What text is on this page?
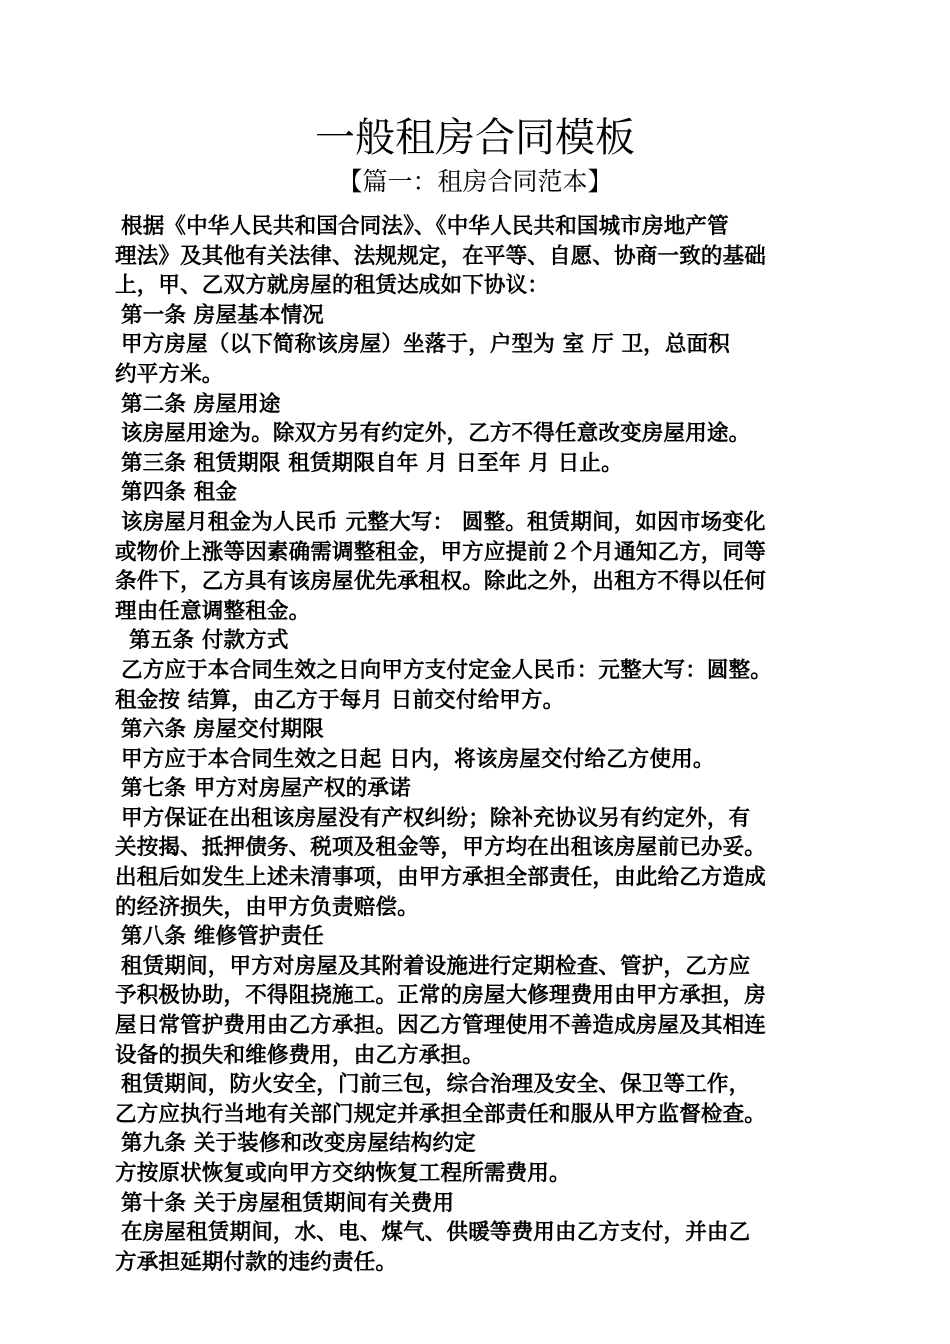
一般租房合同模板
【篇一：租房合同范本】
根据《中华人民共和国合同法》、《中华人民共和国城市房地产管
理法》及其他有关法律、法规规定，在平等、自愿、协商一致的基础
上，甲、乙双方就房屋的租赁达成如下协议：
第一条 房屋基本情况
甲方房屋（以下简称该房屋）坐落于，户型为 室 厅 卫，总面积
约平方米。
第二条 房屋用途
该房屋用途为。除双方另有约定外，乙方不得任意改变房屋用途。
第三条 租赁期限 租赁期限自年 月 日至年 月 日止。
第四条 租金
该房屋月租金为人民币 元整大写： 圆整。租赁期间，如因市场变化
或物价上涨等因素确需调整租金，甲方应提前２个月通知乙方，同等
条件下，乙方具有该房屋优先承租权。除此之外，出租方不得以任何
理由任意调整租金。
第五条 付款方式
乙方应于本合同生效之日向甲方支付定金人民币：元整大写：圆整。
租金按 结算，由乙方于每月 日前交付给甲方。
第六条 房屋交付期限
甲方应于本合同生效之日起 日内，将该房屋交付给乙方使用。
第七条 甲方对房屋产权的承诺
甲方保证在出租该房屋没有产权纠纷；除补充协议另有约定外，有
关按揭、抵押债务、税项及租金等，甲方均在出租该房屋前已办妥。
出租后如发生上述未清事项，由甲方承担全部责任，由此给乙方造成
的经济损失，由甲方负责赔偿。
第八条 维修管护责任
租赁期间，甲方对房屋及其附着设施进行定期检查、管护，乙方应
予积极协助，不得阻挠施工。正常的房屋大修理费用由甲方承担，房
屋日常管护费用由乙方承担。因乙方管理使用不善造成房屋及其相连
设备的损失和维修费用，由乙方承担。
租赁期间，防火安全，门前三包，综合治理及安全、保卫等工作，
乙方应执行当地有关部门规定并承担全部责任和服从甲方监督检查。
第九条 关于装修和改变房屋结构约定
方按原状恢复或向甲方交纳恢复工程所需费用。
第十条 关于房屋租赁期间有关费用
在房屋租赁期间，水、电、煤气、供暖等费用由乙方支付，并由乙
方承担延期付款的违约责任。
